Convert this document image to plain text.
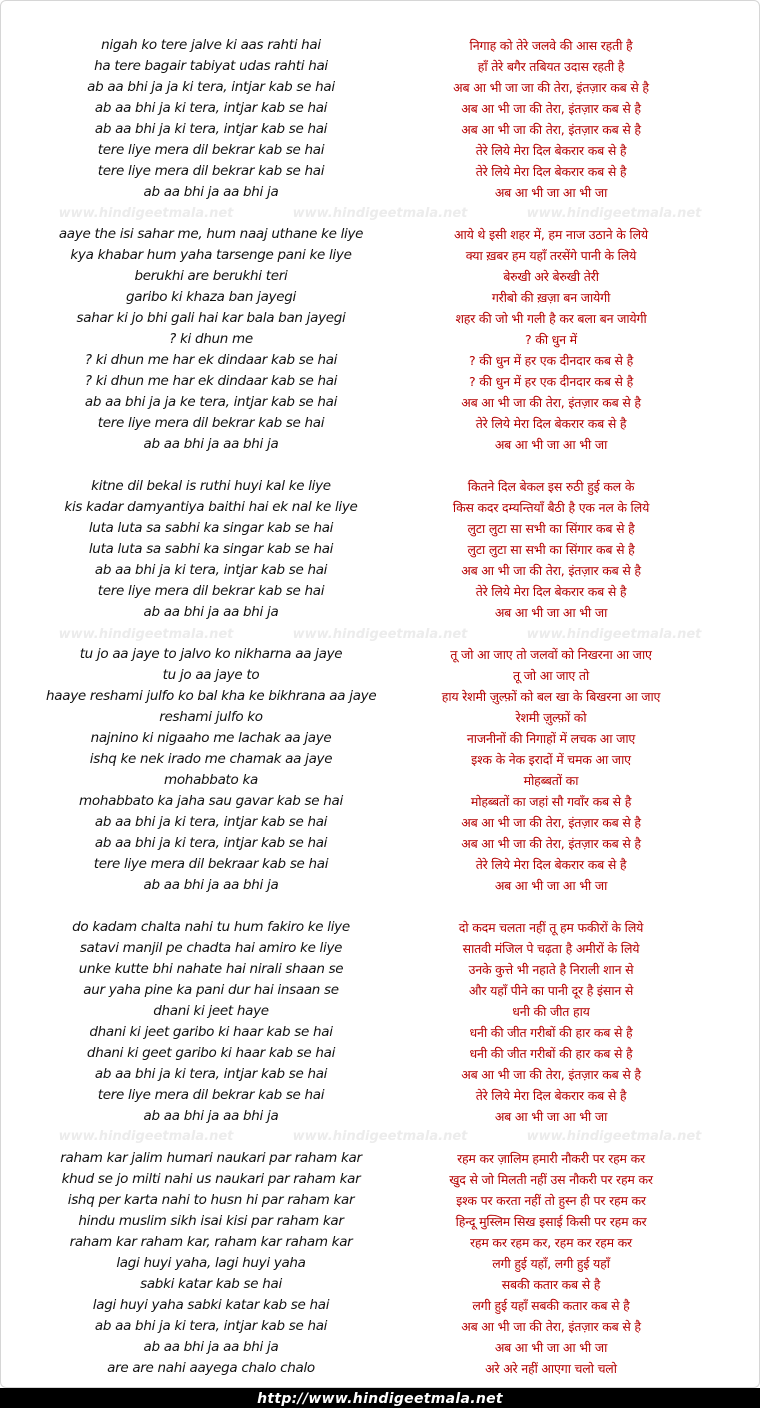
nigah ko tere jalve ki aas rahti hai	निगाह को तेरे जलवे की आस रहती है
ha tere bagair tabiyat udas rahti hai	हाँ तेरे बगैर तबियत उदास रहती है
ab aa bhi ja ja ki tera, intjar kab se hai	अब आ भी जा जा की तेरा, इंतज़ार कब से है
ab aa bhi ja ki tera, intjar kab se hai	अब आ भी जा की तेरा, इंतज़ार कब से है
ab aa bhi ja ki tera, intjar kab se hai	अब आ भी जा की तेरा, इंतज़ार कब से है
tere liye mera dil bekrar kab se hai	तेरे लिये मेरा दिल बेकरार कब से है
tere liye mera dil bekrar kab se hai	तेरे लिये मेरा दिल बेकरार कब से है
ab aa bhi ja aa bhi ja	अब आ भी जा आ भी जा
aaye the isi sahar me, hum naaj uthane ke liye	आये थे इसी शहर में, हम नाज उठाने के लिये
kya khabar hum yaha tarsenge pani ke liye	क्या ख़बर हम यहाँ तरसेंगे पानी के लिये
berukhi are berukhi teri	बेरुखी अरे बेरुखी तेरी
garibo ki khaza ban jayegi	गरीबो की ख़ज़ा बन जायेगी
sahar ki jo bhi gali hai kar bala ban jayegi	शहर की जो भी गली है कर बला बन जायेगी
? ki dhun me	? की धुन में
? ki dhun me har ek dindaar kab se hai	? की धुन में हर एक दीनदार कब से है
? ki dhun me har ek dindaar kab se hai	? की धुन में हर एक दीनदार कब से है
ab aa bhi ja ja ke tera, intjar kab se hai	अब आ भी जा की तेरा, इंतज़ार कब से है
tere liye mera dil bekrar kab se hai	तेरे लिये मेरा दिल बेकरार कब से है
ab aa bhi ja aa bhi ja	अब आ भी जा आ भी जा
kitne dil bekal is ruthi huyi kal ke liye	कितने दिल बेकल इस रुठी हुई कल के
kis kadar damyantiya baithi hai ek nal ke liye	किस कदर दम्यन्तियाँ बैठी है एक नल के लिये
luta luta sa sabhi ka singar kab se hai	लुटा लुटा सा सभी का सिंगार कब से है
luta luta sa sabhi ka singar kab se hai	लुटा लुटा सा सभी का सिंगार कब से है
ab aa bhi ja ki tera, intjar kab se hai	अब आ भी जा की तेरा, इंतज़ार कब से है
tere liye mera dil bekrar kab se hai	तेरे लिये मेरा दिल बेकरार कब से है
ab aa bhi ja aa bhi ja	अब आ भी जा आ भी जा
tu jo aa jaye to jalvo ko nikharna aa jaye	तू जो आ जाए तो जलवों को निखरना आ जाए
tu jo aa jaye to	तू जो आ जाए तो
haaye reshami julfo ko bal kha ke bikhrana aa jaye	हाय रेशमी ज़ुल्फ़ों को बल खा के बिखरना आ जाए
reshami julfo ko	रेशमी ज़ुल्फ़ों को
najnino ki nigaaho me lachak aa jaye	नाजनीनों की निगाहों में लचक आ जाए
ishq ke nek irado me chamak aa jaye	इश्क के नेक इरादों में चमक आ जाए
mohabbato ka	मोहब्बतों का
mohabbato ka jaha sau gavar kab se hai	मोहब्बतों का जहां सौ गवाँर कब से है
ab aa bhi ja ki tera, intjar kab se hai	अब आ भी जा की तेरा, इंतज़ार कब से है
ab aa bhi ja ki tera, intjar kab se hai	अब आ भी जा की तेरा, इंतज़ार कब से है
tere liye mera dil bekraar kab se hai	तेरे लिये मेरा दिल बेकरार कब से है
ab aa bhi ja aa bhi ja	अब आ भी जा आ भी जा
do kadam chalta nahi tu hum fakiro ke liye	दो कदम चलता नहीं तू हम फकीरों के लिये
satavi manjil pe chadta hai amiro ke liye	सातवी मंजिल पे चढ़ता है अमीरों के लिये
unke kutte bhi nahate hai nirali shaan se	उनके कुत्ते भी नहाते है निराली शान से
aur yaha pine ka pani dur hai insaan se	और यहाँ पीने का पानी दूर है इंसान से
dhani ki jeet haye	धनी की जीत हाय
dhani ki jeet garibo ki haar kab se hai	धनी की जीत गरीबों की हार कब से है
dhani ki geet garibo ki haar kab se hai	धनी की जीत गरीबों की हार कब से है
ab aa bhi ja ki tera, intjar kab se hai	अब आ भी जा की तेरा, इंतज़ार कब से है
tere liye mera dil bekrar kab se hai	तेरे लिये मेरा दिल बेकरार कब से है
ab aa bhi ja aa bhi ja	अब आ भी जा आ भी जा
raham kar jalim humari naukari par raham kar	रहम कर ज़ालिम हमारी नौकरी पर रहम कर
khud se jo milti nahi us naukari par raham kar	खुद से जो मिलती नहीं उस नौकरी पर रहम कर
ishq per karta nahi to husn hi par raham kar	इश्क पर करता नहीं तो हुस्न ही पर रहम कर
hindu muslim sikh isai kisi par raham kar	हिन्दू मुस्लिम सिख इसाई किसी पर रहम कर
raham kar raham kar, raham kar raham kar	रहम कर रहम कर, रहम कर रहम कर
lagi huyi yaha, lagi huyi yaha	लगी हुई यहाँ, लगी हुई यहाँ
sabki katar kab se hai	सबकी कतार कब से है
lagi huyi yaha sabki katar kab se hai	लगी हुई यहाँ सबकी कतार कब से है
ab aa bhi ja ki tera, intjar kab se hai	अब आ भी जा की तेरा, इंतज़ार कब से है
ab aa bhi ja aa bhi ja	अब आ भी जा आ भी जा
are are nahi aayega chalo chalo	अरे अरे नहीं आएगा चलो चलो
www.hindigeetmala.net	www.hindigeetmala.net	www.hindigeetmala.net
www.hindigeetmala.net	www.hindigeetmala.net	www.hindigeetmala.net
www.hindigeetmala.net	www.hindigeetmala.net	www.hindigeetmala.net
http://www.hindigeetmala.net
